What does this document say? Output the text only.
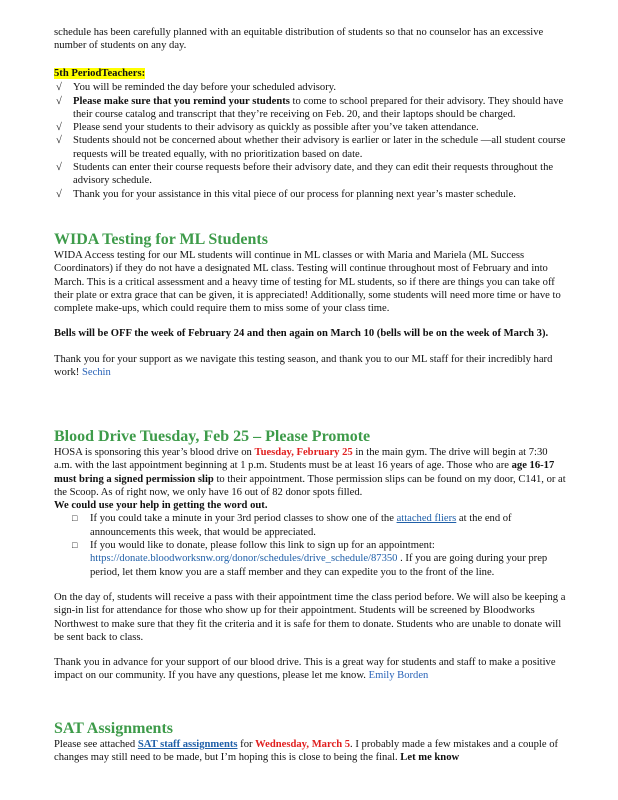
schedule has been carefully planned with an equitable distribution of students so that no counselor has an excessive number of students on any day.

5th PeriodTeachers:

√ You will be reminded the day before your scheduled advisory.
√ Please make sure that you remind your students to come to school prepared for their advisory. They should have their course catalog and transcript that they’re receiving on Feb. 20, and their laptops should be charged.
√ Please send your students to their advisory as quickly as possible after you’ve taken attendance.
√ Students should not be concerned about whether their advisory is earlier or later in the schedule —all student course requests will be treated equally, with no prioritization based on date.
√ Students can enter their course requests before their advisory date, and they can edit their requests throughout the advisory schedule.
√ Thank you for your assistance in this vital piece of our process for planning next year’s master schedule.
WIDA Testing for ML Students

WIDA Access testing for our ML students will continue in ML classes or with Maria and Mariela (ML Success Coordinators) if they do not have a designated ML class. Testing will continue throughout most of February and into March. This is a critical assessment and a heavy time of testing for ML students, so if there are things you can take off their plate or extra grace that can be given, it is appreciated! Additionally, some students will need more time or have to complete make-ups, which could require them to miss some of your class time.

Bells will be OFF the week of February 24 and then again on March 10 (bells will be on the week of March 3).

Thank you for your support as we navigate this testing season, and thank you to our ML staff for their incredibly hard work! Sechin

Blood Drive Tuesday, Feb 25 – Please Promote

HOSA is sponsoring this year’s blood drive on Tuesday, February 25 in the main gym. The drive will begin at 7:30 a.m. with the last appointment beginning at 1 p.m. Students must be at least 16 years of age. Those who are age 16-17 must bring a signed permission slip to their appointment. Those permission slips can be found on my door, C141, or at the Scoop. As of right now, we only have 16 out of 82 donor spots filled.

We could use your help in getting the word out.

□ If you could take a minute in your 3rd period classes to show one of the attached fliers at the end of announcements this week, that would be appreciated.
□ If you would like to donate, please follow this link to sign up for an appointment: https://donate.bloodworksnw.org/donor/schedules/drive_schedule/87350 . If you are going during your prep period, let them know you are a staff member and they can expedite you to the front of the line.

On the day of, students will receive a pass with their appointment time the class period before. We will also be keeping a sign-in list for attendance for those who show up for their appointment. Students will be screened by Bloodworks Northwest to make sure that they fit the criteria and it is safe for them to donate. Students who are unable to donate will be sent back to class.

Thank you in advance for your support of our blood drive. This is a great way for students and staff to make a positive impact on our community. If you have any questions, please let me know. Emily Borden

SAT Assignments

Please see attached SAT staff assignments for Wednesday, March 5. I probably made a few mistakes and a couple of changes may still need to be made, but I’m hoping this is close to being the final. Let me know
